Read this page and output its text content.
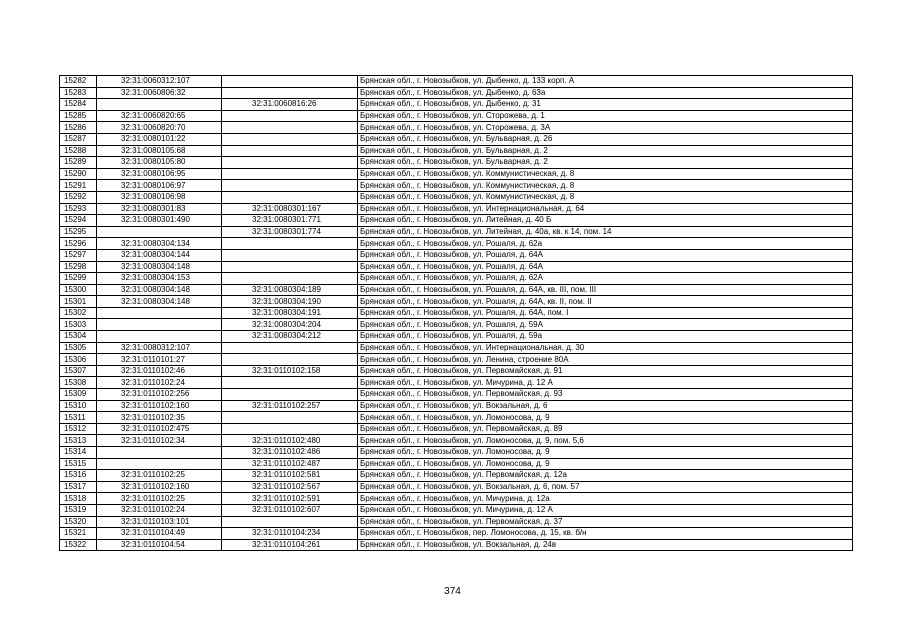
15282	32:31:0060312:107		Брянская обл., г. Новозыбков, ул. Дыбенко, д. 133 корп. А
15283	32:31:0060806:32		Брянская обл., г. Новозыбков, ул. Дыбенко, д. 63а
15284		32:31:0060816:26	Брянская обл., г. Новозыбков, ул. Дыбенко, д. 31
15285	32:31:0060820:65		Брянская обл., г. Новозыбков, ул. Сторожева, д. 1
15286	32:31:0060820:70		Брянская обл., г. Новозыбков, ул. Сторожева, д. 3А
15287	32:31:0080101:22		Брянская обл., г. Новозыбков, ул. Бульварная, д. 26
15288	32:31:0080105:68		Брянская обл., г. Новозыбков, ул. Бульварная, д. 2
15289	32:31:0080105:80		Брянская обл., г. Новозыбков, ул. Бульварная, д. 2
15290	32:31:0080106:95		Брянская обл., г. Новозыбков, ул. Коммунистическая, д. 8
15291	32:31:0080106:97		Брянская обл., г. Новозыбков, ул. Коммунистическая, д. 8
15292	32:31:0080106:98		Брянская обл., г. Новозыбков, ул. Коммунистическая, д. 8
15293	32:31:0080301:83	32:31:0080301:167	Брянская обл., г. Новозыбков, ул. Интернациональная, д. 64
15294	32:31:0080301:490	32:31:0080301:771	Брянская обл., г. Новозыбков, ул. Литейная, д. 40 Б
15295		32:31:0080301:774	Брянская обл., г. Новозыбков, ул. Литейная, д. 40а, кв. к 14, пом. 14
15296	32:31:0080304:134		Брянская обл., г. Новозыбков, ул. Рошаля, д. 62а
15297	32:31:0080304:144		Брянская обл., г. Новозыбков, ул. Рошаля, д. 64А
15298	32:31:0080304:148		Брянская обл., г. Новозыбков, ул. Рошаля, д. 64А
15299	32:31:0080304:153		Брянская обл., г. Новозыбков, ул. Рошаля, д. 62А
15300	32:31:0080304:148	32:31:0080304:189	Брянская обл., г. Новозыбков, ул. Рошаля, д. 64А, кв. III, пом. III
15301	32:31:0080304:148	32:31:0080304:190	Брянская обл., г. Новозыбков, ул. Рошаля, д. 64А, кв. II, пом. II
15302		32:31:0080304:191	Брянская обл., г. Новозыбков, ул. Рошаля, д. 64А, пом. I
15303		32:31:0080304:204	Брянская обл., г. Новозыбков, ул. Рошаля, д. 59А
15304		32:31:0080304:212	Брянская обл., г. Новозыбков, ул. Рошаля, д. 59а
15305	32:31:0080312:107		Брянская обл., г. Новозыбков, ул. Интернациональная, д. 30
15306	32:31:0110101:27		Брянская обл., г. Новозыбков, ул. Ленина, строение 80А
15307	32:31:0110102:46	32:31:0110102:158	Брянская обл., г. Новозыбков, ул. Первомайская, д. 91
15308	32:31:0110102:24		Брянская обл., г. Новозыбков, ул. Мичурина, д. 12 А
15309	32:31:0110102:256		Брянская обл., г. Новозыбков, ул. Первомайская, д. 93
15310	32:31:0110102:160	32:31:0110102:257	Брянская обл., г. Новозыбков, ул. Вокзальная, д. 6
15311	32:31:0110102:35		Брянская обл., г. Новозыбков, ул. Ломоносова, д. 9
15312	32:31:0110102:475		Брянская обл., г. Новозыбков, ул. Первомайская, д. 89
15313	32:31:0110102:34	32:31:0110102:480	Брянская обл., г. Новозыбков, ул. Ломоносова, д. 9, пом. 5,6
15314		32:31:0110102:486	Брянская обл., г. Новозыбков, ул. Ломоносова, д. 9
15315		32:31:0110102:487	Брянская обл., г. Новозыбков, ул. Ломоносова, д. 9
15316	32:31:0110102:25	32:31:0110102:581	Брянская обл., г. Новозыбков, ул. Первомайская, д. 12а
15317	32:31:0110102:160	32:31:0110102:567	Брянская обл., г. Новозыбков, ул. Вокзальная, д. 6, пом. 57
15318	32:31:0110102:25	32:31:0110102:591	Брянская обл., г. Новозыбков, ул. Мичурина, д. 12а
15319	32:31:0110102:24	32:31:0110102:607	Брянская обл., г. Новозыбков, ул. Мичурина, д. 12 А
15320	32:31:0110103:101		Брянская обл., г. Новозыбков, ул. Первомайская, д. 37
15321	32:31:0110104:49	32:31:0110104:234	Брянская обл., г. Новозыбков, пер. Ломоносова, д. 15, кв. б/н
15322	32:31:0110104:54	32:31:0110104:261	Брянская обл., г. Новозыбков, ул. Вокзальная, д. 24в
374
